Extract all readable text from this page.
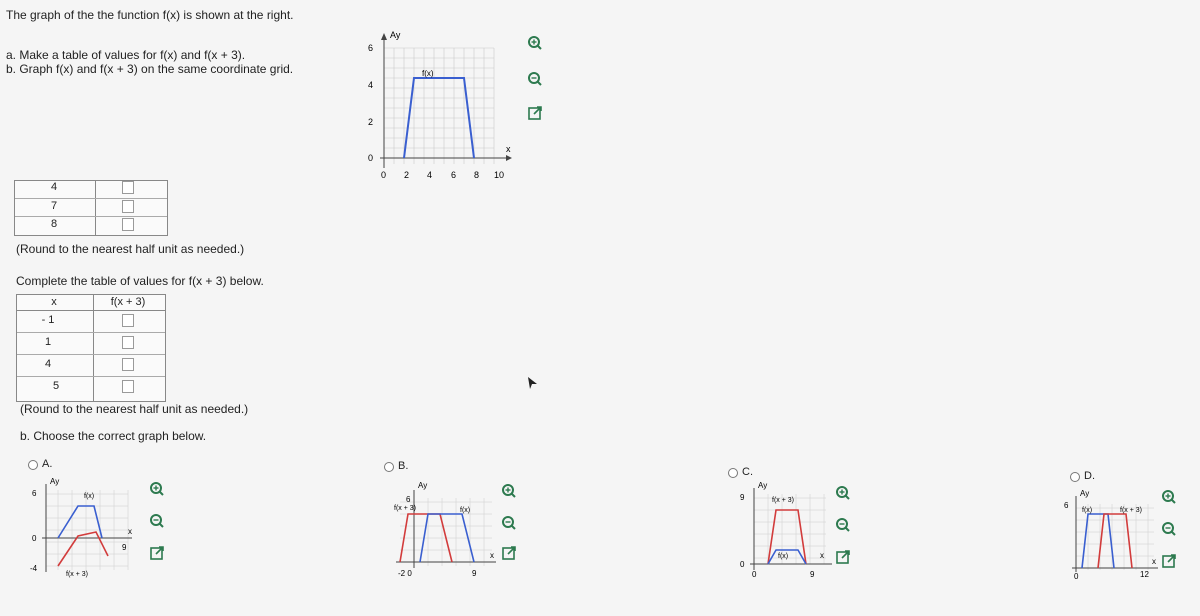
The graph of the the function f(x) is shown at the right.
a. Make a table of values for f(x) and f(x + 3).
b. Graph f(x) and f(x + 3) on the same coordinate grid.
Ay
x
f(x)
6
4
2
0
0 2 4 6 8 10
4
7
8
(Round to the nearest half unit as needed.)
Complete the table of values for f(x + 3) below.
x	f(x + 3)
- 1
1
4
5
(Round to the nearest half unit as needed.)
b. Choose the correct graph below.
A.
Ay
6
0
-4
9
x
f(x)
f(x + 3)
B.
Ay
6
-2 0	9
x
f(x)
f(x + 3)
C.
Ay
9
0
0	9
x
f(x)
f(x + 3)
D.
Ay
6
0	12
x
f(x)	f(x + 3)
